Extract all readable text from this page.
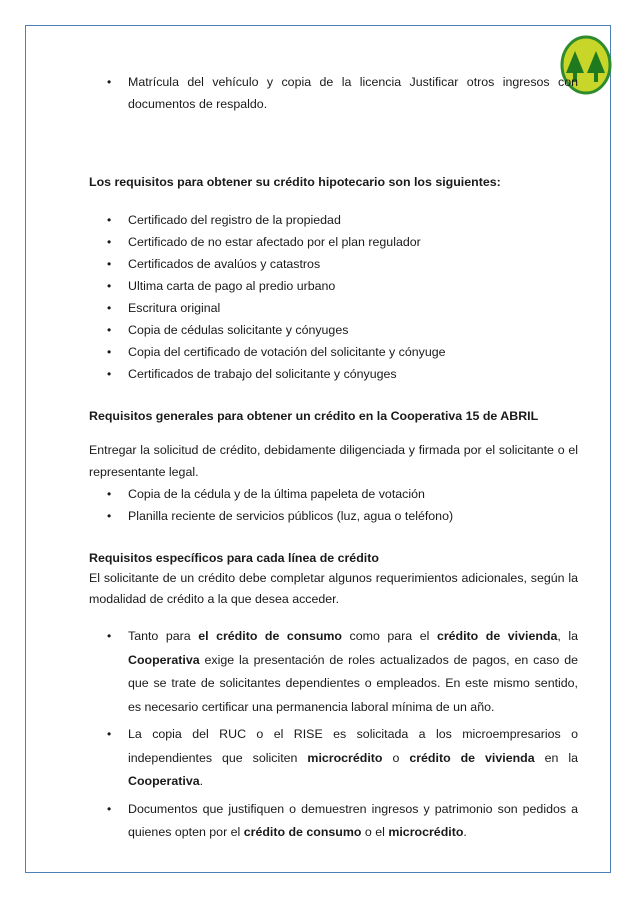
• Matrícula del vehículo y copia de la licencia Justificar otros ingresos con documentos de respaldo.

Los requisitos para obtener su crédito hipotecario son los siguientes:

• Certificado del registro de la propiedad
• Certificado de no estar afectado por el plan regulador
• Certificados de avalúos y catastros
• Ultima carta de pago al predio urbano
• Escritura original
• Copia de cédulas solicitante y cónyuges
• Copia del certificado de votación del solicitante y cónyuge
• Certificados de trabajo del solicitante y cónyuges

Requisitos generales para obtener un crédito en la Cooperativa 15 de ABRIL

Entregar la solicitud de crédito, debidamente diligenciada y firmada por el solicitante o el representante legal.

• Copia de la cédula y de la última papeleta de votación
• Planilla reciente de servicios públicos (luz, agua o teléfono)

Requisitos específicos para cada línea de crédito

El solicitante de un crédito debe completar algunos requerimientos adicionales, según la modalidad de crédito a la que desea acceder.

• Tanto para el crédito de consumo como para el crédito de vivienda, la Cooperativa exige la presentación de roles actualizados de pagos, en caso de que se trate de solicitantes dependientes o empleados. En este mismo sentido, es necesario certificar una permanencia laboral mínima de un año.
• La copia del RUC o el RISE es solicitada a los microempresarios o independientes que soliciten microcrédito o crédito de vivienda en la Cooperativa.
• Documentos que justifiquen o demuestren ingresos y patrimonio son pedidos a quienes opten por el crédito de consumo o el microcrédito.
